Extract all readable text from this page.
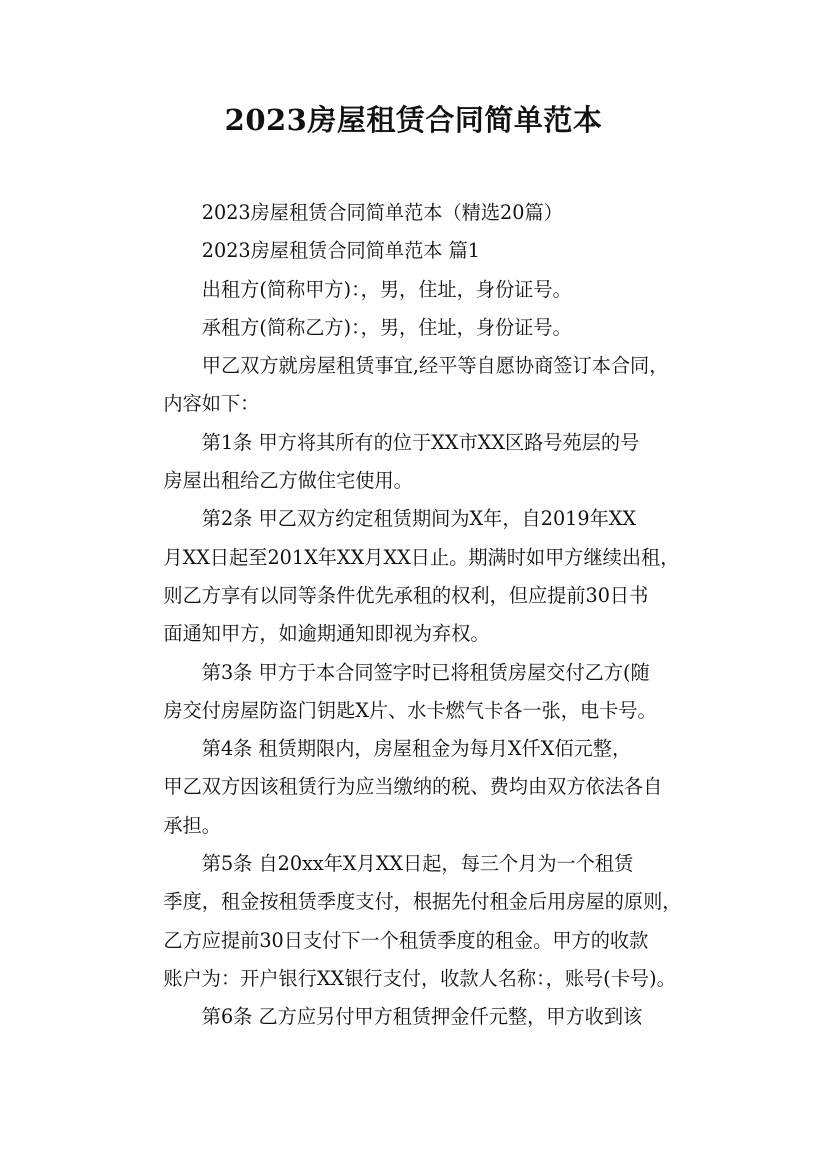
2023房屋租赁合同简单范本
2023房屋租赁合同简单范本（精选20篇）
2023房屋租赁合同简单范本 篇1
出租方(简称甲方)：，男，住址，身份证号。
承租方(简称乙方)：，男，住址，身份证号。
甲乙双方就房屋租赁事宜,经平等自愿协商签订本合同，
内容如下：
第1条 甲方将其所有的位于XX市XX区路号苑层的号
房屋出租给乙方做住宅使用。
第2条 甲乙双方约定租赁期间为X年，自2019年XX
月XX日起至201X年XX月XX日止。期满时如甲方继续出租，
则乙方享有以同等条件优先承租的权利，但应提前30日书
面通知甲方，如逾期通知即视为弃权。
第3条 甲方于本合同签字时已将租赁房屋交付乙方(随
房交付房屋防盗门钥匙X片、水卡燃气卡各一张，电卡号。
第4条 租赁期限内，房屋租金为每月X仟X佰元整，
甲乙双方因该租赁行为应当缴纳的税、费均由双方依法各自
承担。
第5条 自20xx年X月XX日起，每三个月为一个租赁
季度，租金按租赁季度支付，根据先付租金后用房屋的原则，
乙方应提前30日支付下一个租赁季度的租金。甲方的收款
账户为：开户银行XX银行支付，收款人名称：，账号(卡号)。
第6条 乙方应另付甲方租赁押金仟元整，甲方收到该
